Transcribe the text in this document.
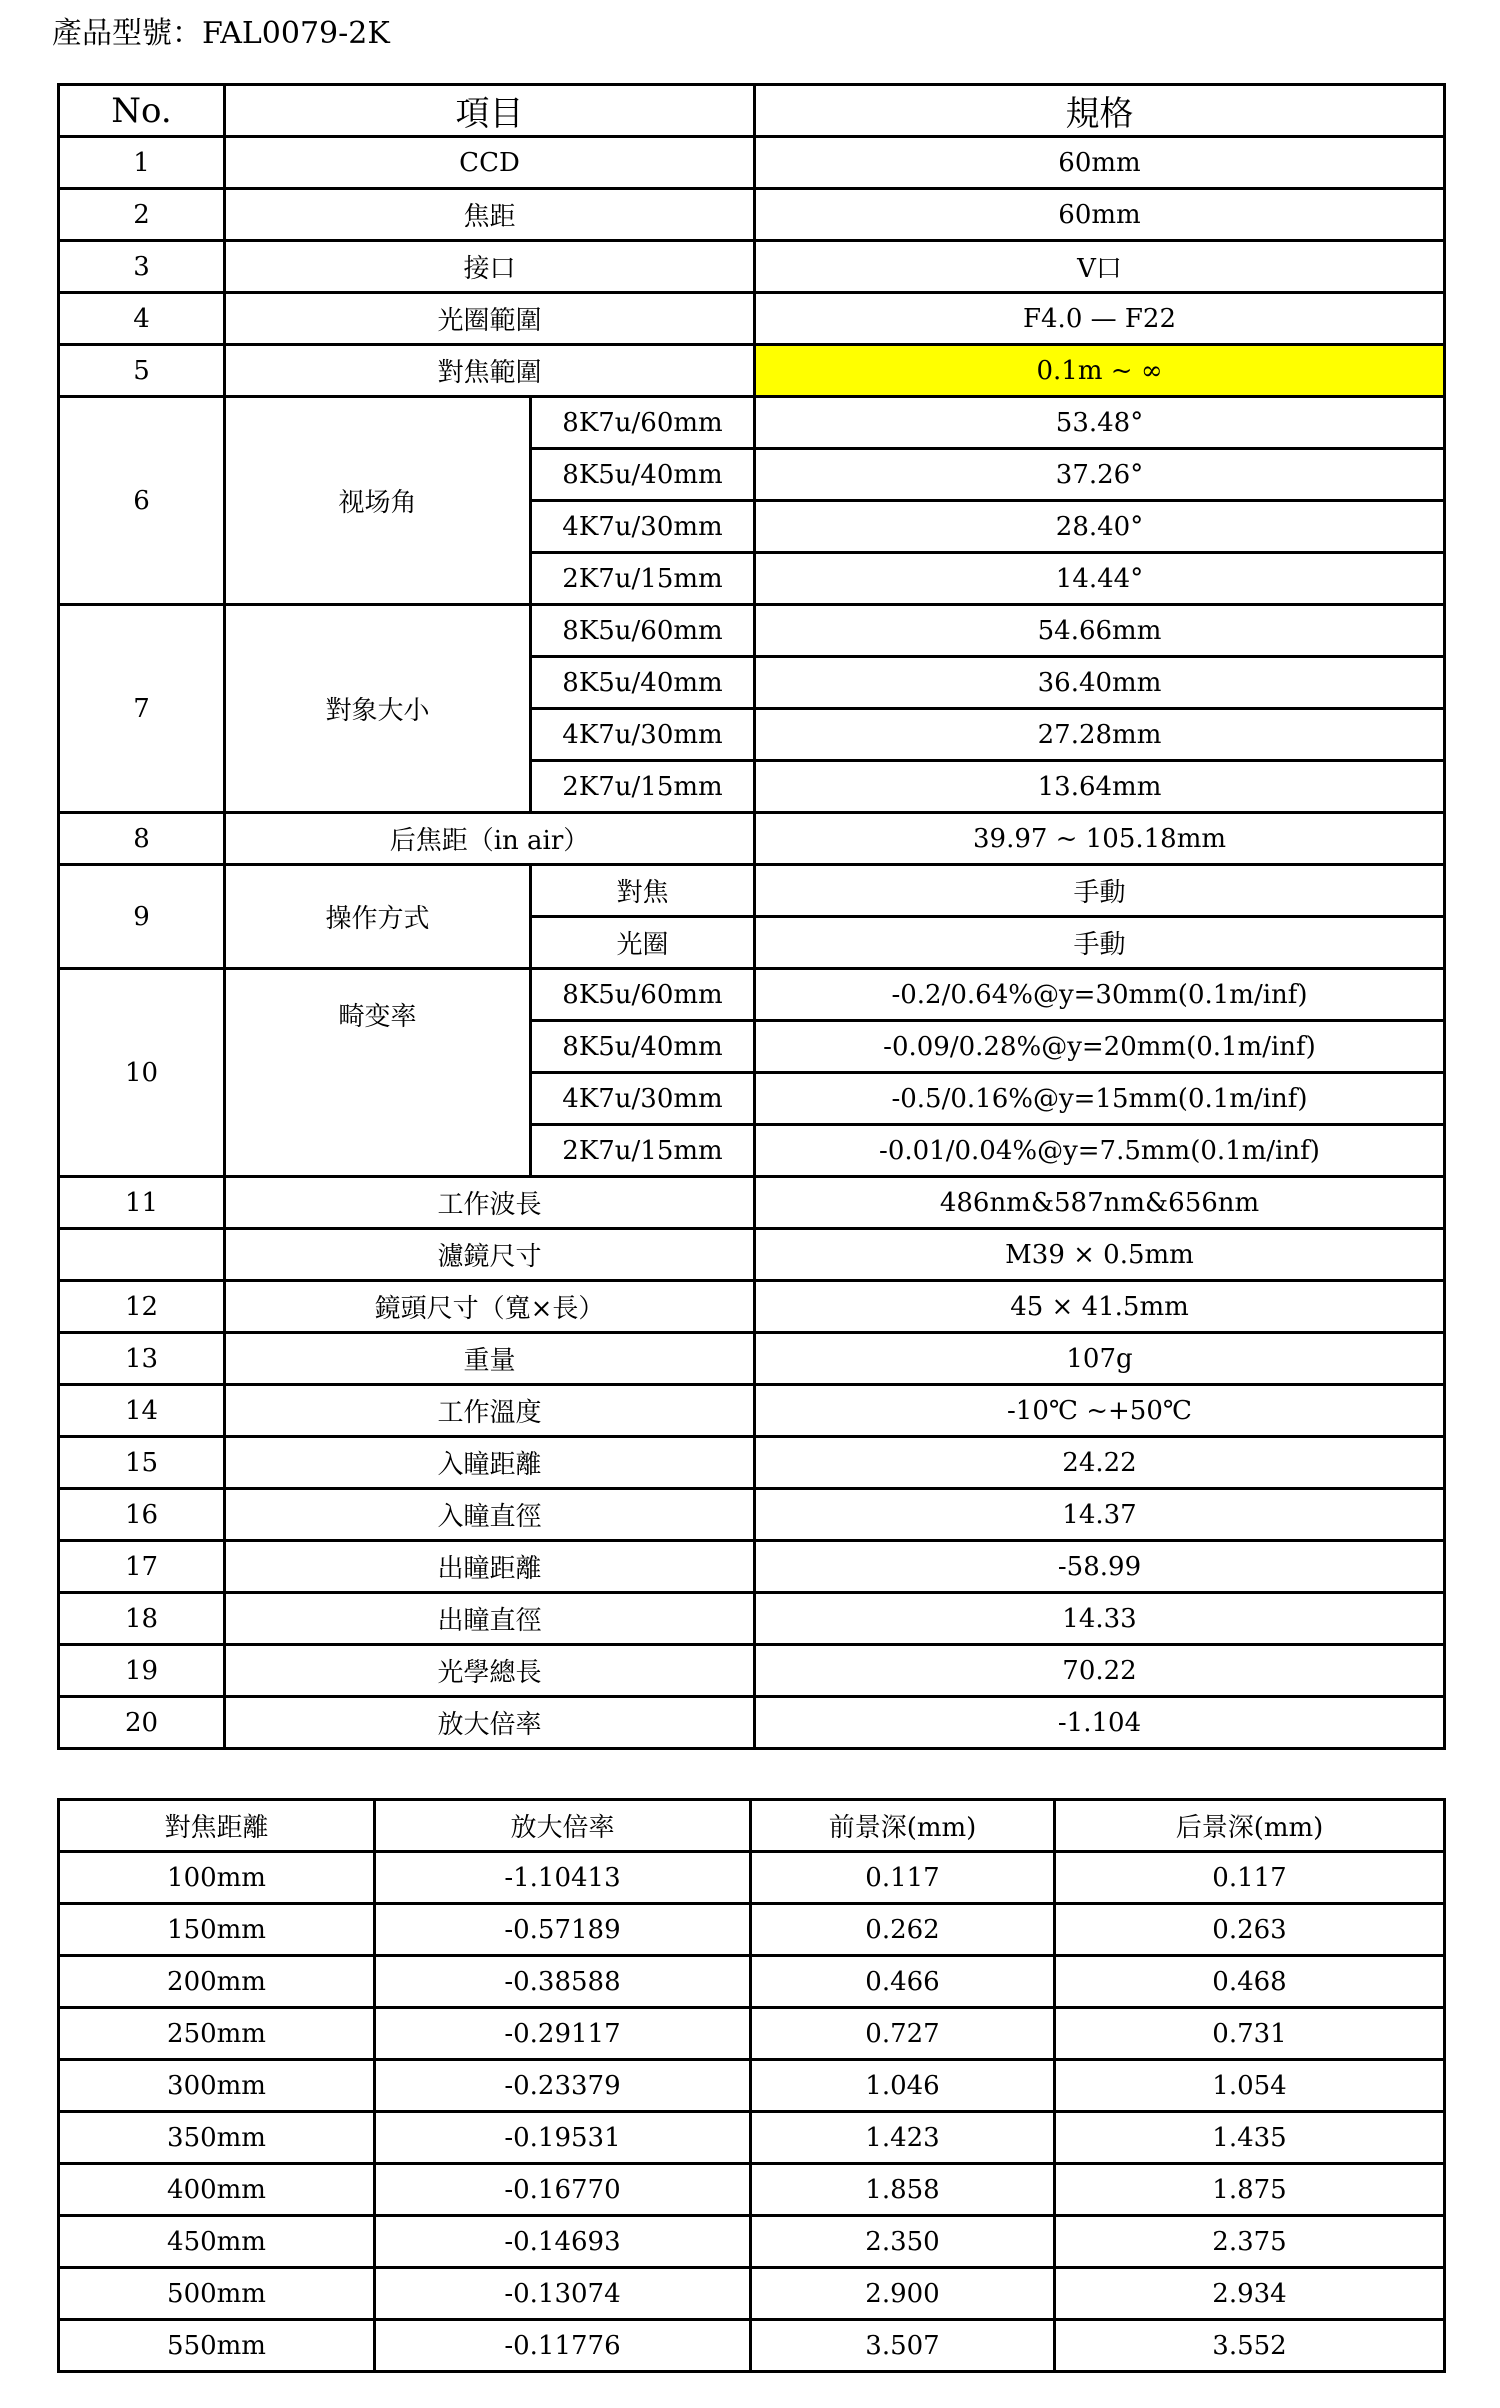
產品型號：FAL0079-2K
No.	項目		規格
1	CCD		60mm
2	焦距		60mm
3	接口		V口
4	光圈範圍		F4.0 — F22
5	對焦範圍		0.1m ~ ∞
6	视场角	8K7u/60mm	53.48°
		8K5u/40mm	37.26°
		4K7u/30mm	28.40°
		2K7u/15mm	14.44°
7	對象大小	8K5u/60mm	54.66mm
		8K5u/40mm	36.40mm
		4K7u/30mm	27.28mm
		2K7u/15mm	13.64mm
8	后焦距（in air）		39.97 ~ 105.18mm
9	操作方式	對焦	手動
		光圈	手動
10	畸变率	8K5u/60mm	-0.2/0.64%@y=30mm(0.1m/inf)
		8K5u/40mm	-0.09/0.28%@y=20mm(0.1m/inf)
		4K7u/30mm	-0.5/0.16%@y=15mm(0.1m/inf)
		2K7u/15mm	-0.01/0.04%@y=7.5mm(0.1m/inf)
11	工作波長		486nm&587nm&656nm
	濾鏡尺寸		M39 × 0.5mm
12	鏡頭尺寸（寬×長）		45 × 41.5mm
13	重量		107g
14	工作溫度		-10℃ ~+50℃
15	入瞳距離		24.22
16	入瞳直徑		14.37
17	出瞳距離		-58.99
18	出瞳直徑		14.33
19	光學總長		70.22
20	放大倍率		-1.104
對焦距離	放大倍率	前景深(mm)	后景深(mm)
100mm	-1.10413	0.117	0.117
150mm	-0.57189	0.262	0.263
200mm	-0.38588	0.466	0.468
250mm	-0.29117	0.727	0.731
300mm	-0.23379	1.046	1.054
350mm	-0.19531	1.423	1.435
400mm	-0.16770	1.858	1.875
450mm	-0.14693	2.350	2.375
500mm	-0.13074	2.900	2.934
550mm	-0.11776	3.507	3.552
